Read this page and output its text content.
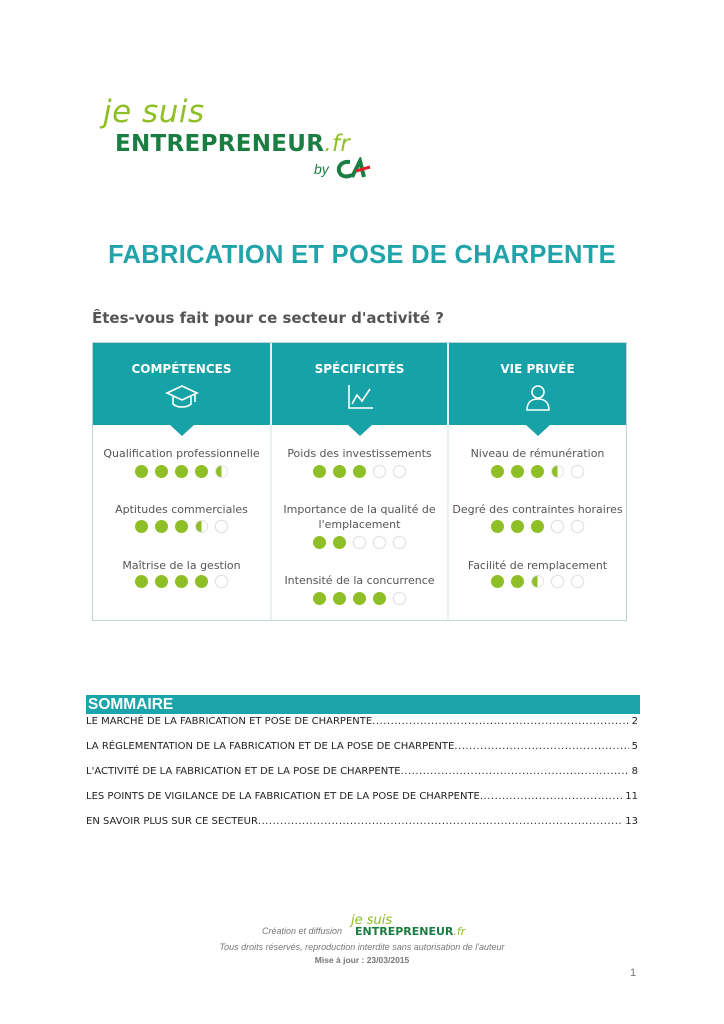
je suis
ENTREPRENEUR.fr
by
FABRICATION ET POSE DE CHARPENTE
Êtes-vous fait pour ce secteur d'activité ?
COMPÉTENCES
Qualification professionnelle
Aptitudes commerciales
Maîtrise de la gestion
SPÉCIFICITÉS
Poids des investissements
Importance de la qualité de
l'emplacement
Intensité de la concurrence
VIE PRIVÉE
Niveau de rémunération
Degré des contraintes horaires
Facilité de remplacement
SOMMAIRE
LE MARCHÉ DE LA FABRICATION ET POSE DE CHARPENTE .....	2
LA RÉGLEMENTATION DE LA FABRICATION ET DE LA POSE DE CHARPENTE .....	5
L'ACTIVITÉ DE LA FABRICATION ET DE LA POSE DE CHARPENTE .....	8
LES POINTS DE VIGILANCE DE LA FABRICATION ET DE LA POSE DE CHARPENTE .....	11
EN SAVOIR PLUS SUR CE SECTEUR .....	13
Création et diffusion
je suis
ENTREPRENEUR.fr
Tous droits réservés, reproduction interdite sans autorisation de l'auteur
Mise à jour : 23/03/2015
1
